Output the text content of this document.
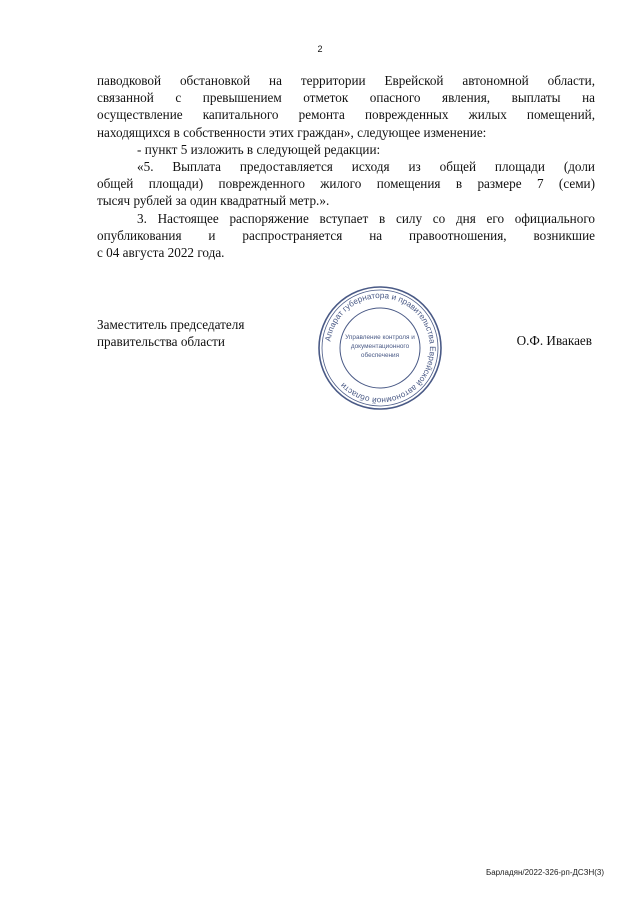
2

паводковой обстановкой на территории Еврейской автономной области,
связанной с превышением отметок опасного явления, выплаты на
осуществление капитального ремонта поврежденных жилых помещений,
находящихся в собственности этих граждан», следующее изменение:

- пункт 5 изложить в следующей редакции:

«5. Выплата предоставляется исходя из общей площади (доли
общей площади) поврежденного жилого помещения в размере 7 (семи)
тысяч рублей за один квадратный метр.».

3. Настоящее распоряжение вступает в силу со дня его официального
опубликования и распространяется на правоотношения, возникшие
с 04 августа 2022 года.

Заместитель председателя
правительства области	Аппарат губернатора и правительства Еврейской автономной области
Управление контроля и
документационного
обеспечения
О.Ф. Ивакаев
Барладян/2022-326-рп-ДСЗН(3)
